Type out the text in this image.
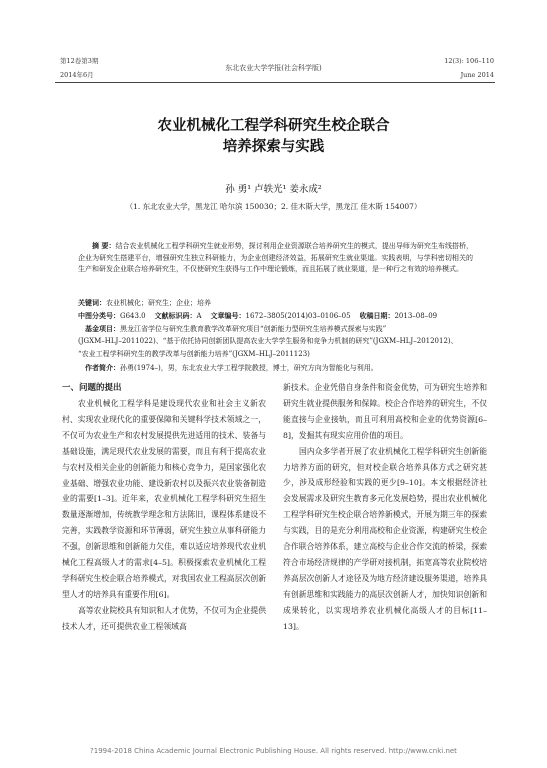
第12卷第3期
2014年6月
东北农业大学学报(社会科学版)
12(3): 106–110
June 2014
农业机械化工程学科研究生校企联合
培养探索与实践
孙 勇¹ 卢轶光¹ 姜永成²
（1. 东北农业大学，黑龙江 哈尔滨 150030；2. 佳木斯大学，黑龙江 佳木斯 154007）
摘 要：结合农业机械化工程学科研究生就业形势，探讨利用企业资源联合培养研究生的模式，提出导师为研究生布线搭桥，企业为研究生搭建平台，增强研究生独立科研能力，为企业创建经济效益，拓展研究生就业渠道。实践表明，与学科密切相关的生产和研发企业联合培养研究生，不仅使研究生获得与工作中理论锻炼，而且拓展了就业渠道，是一种行之有效的培养模式。
关键词：农业机械化；研究生；企业；培养
中图分类号：G643.0 文献标识码：A 文章编号：1672–3805(2014)03–0106–05 收稿日期：2013–08–09
基金项目：黑龙江省学位与研究生教育教学改革研究项目“创新能力型研究生培养模式探索与实践”
(JGXM–HLJ–2011022)、“基于依托协同创新团队提高农业大学学生服务和竞争力机制的研究”(JGXM–HLJ–2012012)、
“农业工程学科研究生的教学改革与创新能力培养”(JGXM–HLJ–2011123)
作者简介：孙勇(1974–)，男，东北农业大学工程学院教授，博士，研究方向为智能化与利用。
一、问题的提出

农业机械化工程学科是建设现代农业和社会主义新农村、实现农业现代化的重要保障和关键科学技术领域之一，不仅可为农业生产和农村发展提供先进适用的技术、装备与基础设施，满足现代农业发展的需要，而且有利于提高农业与农村及相关企业的创新能力和核心竞争力，是国家强化农业基础、增强农业功能、建设新农村以及振兴农业装备制造业的需要[1–3]。近年来，农业机械化工程学科研究生招生数量逐渐增加，传统教学理念和方法陈旧，课程体系建设不完善，实践教学资源和环节薄弱，研究生独立从事科研能力不强，创新思维和创新能力欠佳，难以适应培养现代农业机械化工程高级人才的需求[4–5]。积极探索农业机械化工程学科研究生校企联合培养模式，对我国农业工程高层次创新型人才的培养具有重要作用[6]。

高等农业院校具有知识和人才优势，不仅可为企业提供技术人才，还可提供农业工程领域高

新技术。企业凭借自身条件和资金优势，可为研究生培养和研究生就业提供服务和保障。校企合作培养的研究生，不仅能直接与企业接轨，而且可利用高校和企业的优势资源[6–8]，发掘其有现实应用价值的项目。

国内众多学者开展了农业机械化工程学科研究生创新能力培养方面的研究，但对校企联合培养具体方式之研究甚少，涉及成形经验和实践的更少[9–10]。本文根据经济社会发展需求及研究生教育多元化发展趋势，提出农业机械化工程学科研究生校企联合培养新模式，开展为期三年的探索与实践，目的是充分利用高校和企业资源，构建研究生校企合作联合培养体系，建立高校与企业合作交流的桥梁，探索符合市场经济规律的产学研对接机制，拓宽高等农业院校培养高层次创新人才途径及为地方经济建设服务渠道，培养具有创新思维和实践能力的高层次创新人才，加快知识创新和成果转化，以实现培养农业机械化高级人才的目标[11–13]。

?1994-2018 China Academic Journal Electronic Publishing House. All rights reserved. http://www.cnki.net
